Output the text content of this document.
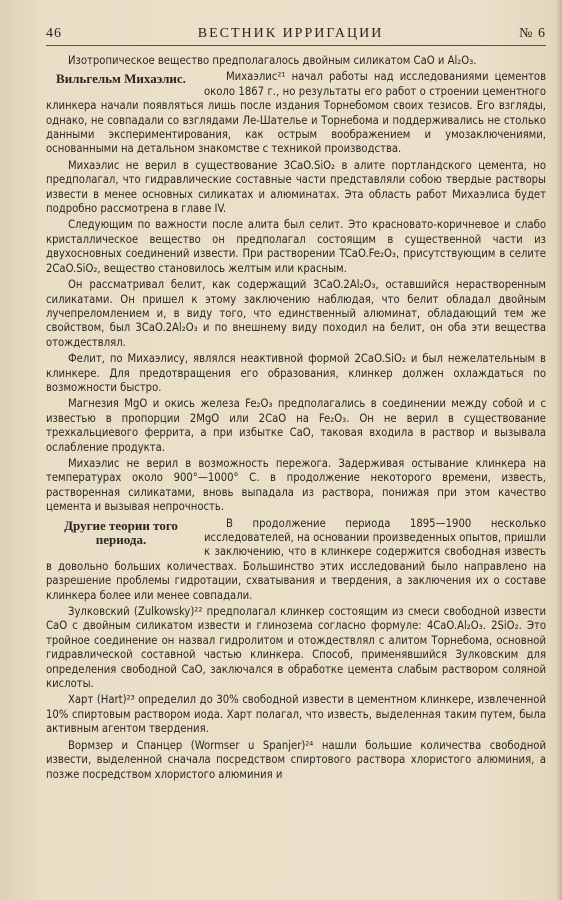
46	ВЕСТНИК ИРРИГАЦИИ	№ 6

Изотропическое вещество предполагалось двойным силикатом CaO и Al₂O₃.

Вильгельм Михаэлис.	Михаэлис²¹ начал работы над исследованиями цементов около 1867 г., но результаты его работ о строении цементного клинкера начали появляться лишь после издания Торнебомом своих тезисов. Его взгляды, однако, не совпадали со взглядами Ле-Шателье и Торнебома и поддерживались не столько данными экспериментирования, как острым воображением и умозаключениями, основанными на детальном знакомстве с техникой производства.

Михаэлис не верил в существование 3CaO.SiO₂ в алите портландского цемента, но предполагал, что гидравлические составные части представляли собою твердые растворы извести в менее основных силикатах и алюминатах. Эта область работ Михаэлиса будет подробно рассмотрена в главе IV.

Следующим по важности после алита был селит. Это красновато-коричневое и слабо кристаллическое вещество он предполагал состоящим в существенной части из двухосновных соединений извести. При растворении TCaO.Fe₂O₃, присутствующим в селите 2CaO.SiO₂, вещество становилось желтым или красным.

Он рассматривал белит, как содержащий 3CaO.2Al₂O₃, оставшийся нерастворенным силикатами. Он пришел к этому заключению наблюдая, что белит обладал двойным лучепреломлением и, в виду того, что единственный алюминат, обладающий тем же свойством, был 3CaO.2Al₂O₃ и по внешнему виду походил на белит, он оба эти вещества отождествлял.

Фелит, по Михаэлису, являлся неактивной формой 2CaO.SiO₂ и был нежелательным в клинкере. Для предотвращения его образования, клинкер должен охлаждаться по возможности быстро.

Магнезия MgO и окись железа Fe₂O₃ предполагались в соединении между собой и с известью в пропорции 2MgO или 2CaO на Fe₂O₃. Он не верил в существование трехкальциевого феррита, а при избытке CaO, таковая входила в раствор и вызывала ослабление продукта.

Михаэлис не верил в возможность пережога. Задерживая остывание клинкера на температурах около 900°—1000° С. в продолжение некоторого времени, известь, растворенная силикатами, вновь выпадала из раствора, понижая при этом качество цемента и вызывая непрочность.

Другие теории того периода.

В продолжение периода 1895—1900 несколько исследователей, на основании произведенных опытов, пришли к заключению, что в клинкере содержится свободная известь в довольно больших количествах. Большинство этих исследований было направлено на разрешение проблемы гидротации, схватывания и твердения, а заключения их о составе клинкера более или менее совпадали.

Зулковский (Zulkowsky)²² предполагал клинкер состоящим из смеси свободной извести CaO с двойным силикатом извести и глинозема согласно формуле: 4CaO.Al₂O₃. 2SiO₂. Это тройное соединение он назвал гидролитом и отождествлял с алитом Торнебома, основной гидравлической составной частью клинкера. Способ, применявшийся Зулковским для определения свободной CaO, заключался в обработке цемента слабым раствором соляной кислоты.

Харт (Hart)²³ определил до 30% свободной извести в цементном клинкере, извлеченной 10% спиртовым раствором иода. Харт полагал, что известь, выделенная таким путем, была активным агентом твердения.

Вормзер и Спанцер (Wormser u Spanjer)²⁴ нашли большие количества свободной извести, выделенной сначала посредством спиртового раствора хлористого алюминия, а позже посредством хлористого алюминия и
